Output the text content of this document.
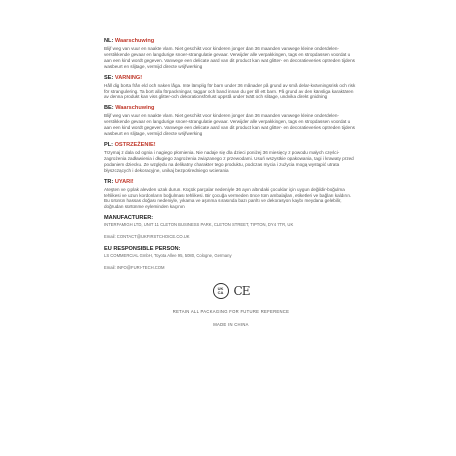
NL: Waarschuwing
Blijf weg van vuur en naakte vlam. Niet geschikt voor kinderen jonger dan 36 maanden vanwege kleine onderdelen-verstikkende gevaar en langdurige snoer-strangulatie gevaar. Verwijder alle verpakkingen, tags en stropdassen voordat u aan een kind wordt gegeven. Vanwege een delicate aard van dit product kan wat glitter- en decoratieveries optreden tijdens wasbeurt en slijtage, vermijd directe wrijfwerking
SE: VARNING!
Håll dig borta från eld och naken låga. Inte lämplig för barn under 36 månader på grund av små delar-kvävningsrisk och risk för strangulering. Ta bort alla förpackningar, taggar och band innan du ger till ett barn. På grund av den känsliga karaktären av denna produkt kan viss glitter-och dekorationsförlust uppstå under tvätt och slitage, undvika direkt gnidning
BE: Waarschuwing
Blijf weg van vuur en naakte vlam. Niet geschikt voor kinderen jonger dan 36 maanden vanwege kleine onderdelen-verstikkende gevaar en langdurige snoer-strangulatie gevaar. Verwijder alle verpakkingen, tags en stropdassen voordat u aan een kind wordt gegeven. Vanwege een delicate aard van dit product kan wat glitter- en decoratieveries optreden tijdens wasbeurt en slijtage, vermijd directe wrijfwerking
PL: OSTRZEŻENIE!
Trzymaj z dala od ognia i nagiego płomienia. Nie nadaje się dla dzieci poniżej 36 miesięcy z powodu małych części-zagrożenia zadławienia i długiego zagrożenia związanego z przewodami. Usuń wszystkie opakowania, tagi i krawaty przed podaniem dziecku. Ze względu na delikatny charakter tego produktu, podczas mycia i zużycia mogą wystąpić utrata błyszczących i dekoracyjne, unikaj bezpośredniego wcierania
TR: UYARI!
Ateşten ve çıplak alevden uzak durun. Küçük parçalar nedeniyle 36 ayın altındaki çocuklar için uygun değildir-boğulma tehlikesi ve uzun kordonların boğulması tehlikesi. Bir çocuğa vermeden önce tüm ambalajları, etiketleri ve bağları kaldırın. Bu ürünün hassas doğası nedeniyle, yıkama ve aşınma sırasında bazı parıltı ve dekorasyon kaybı meydana gelebilir, doğrudan sürtünme eyleminden kaçının
MANUFACTURER:
INTERFAMIGH LTD, UNIT 11 CLETON BUSINESS PARK, CLETON STREET, TIPTON, DY4 7TR, UK
Email: CONTACT@UKFIRSTCHOICE.CO.UK
EU RESPONSIBLE PERSON:
LS COMMERCIAL GmbH, Toyota Allee 95, 5080, Cologne, Germany
Email: INFO@FURI-TECH.COM
UK
CA CE
RETAIN ALL PACKAGING FOR FUTURE REFERENCE
MADE IN CHINA
